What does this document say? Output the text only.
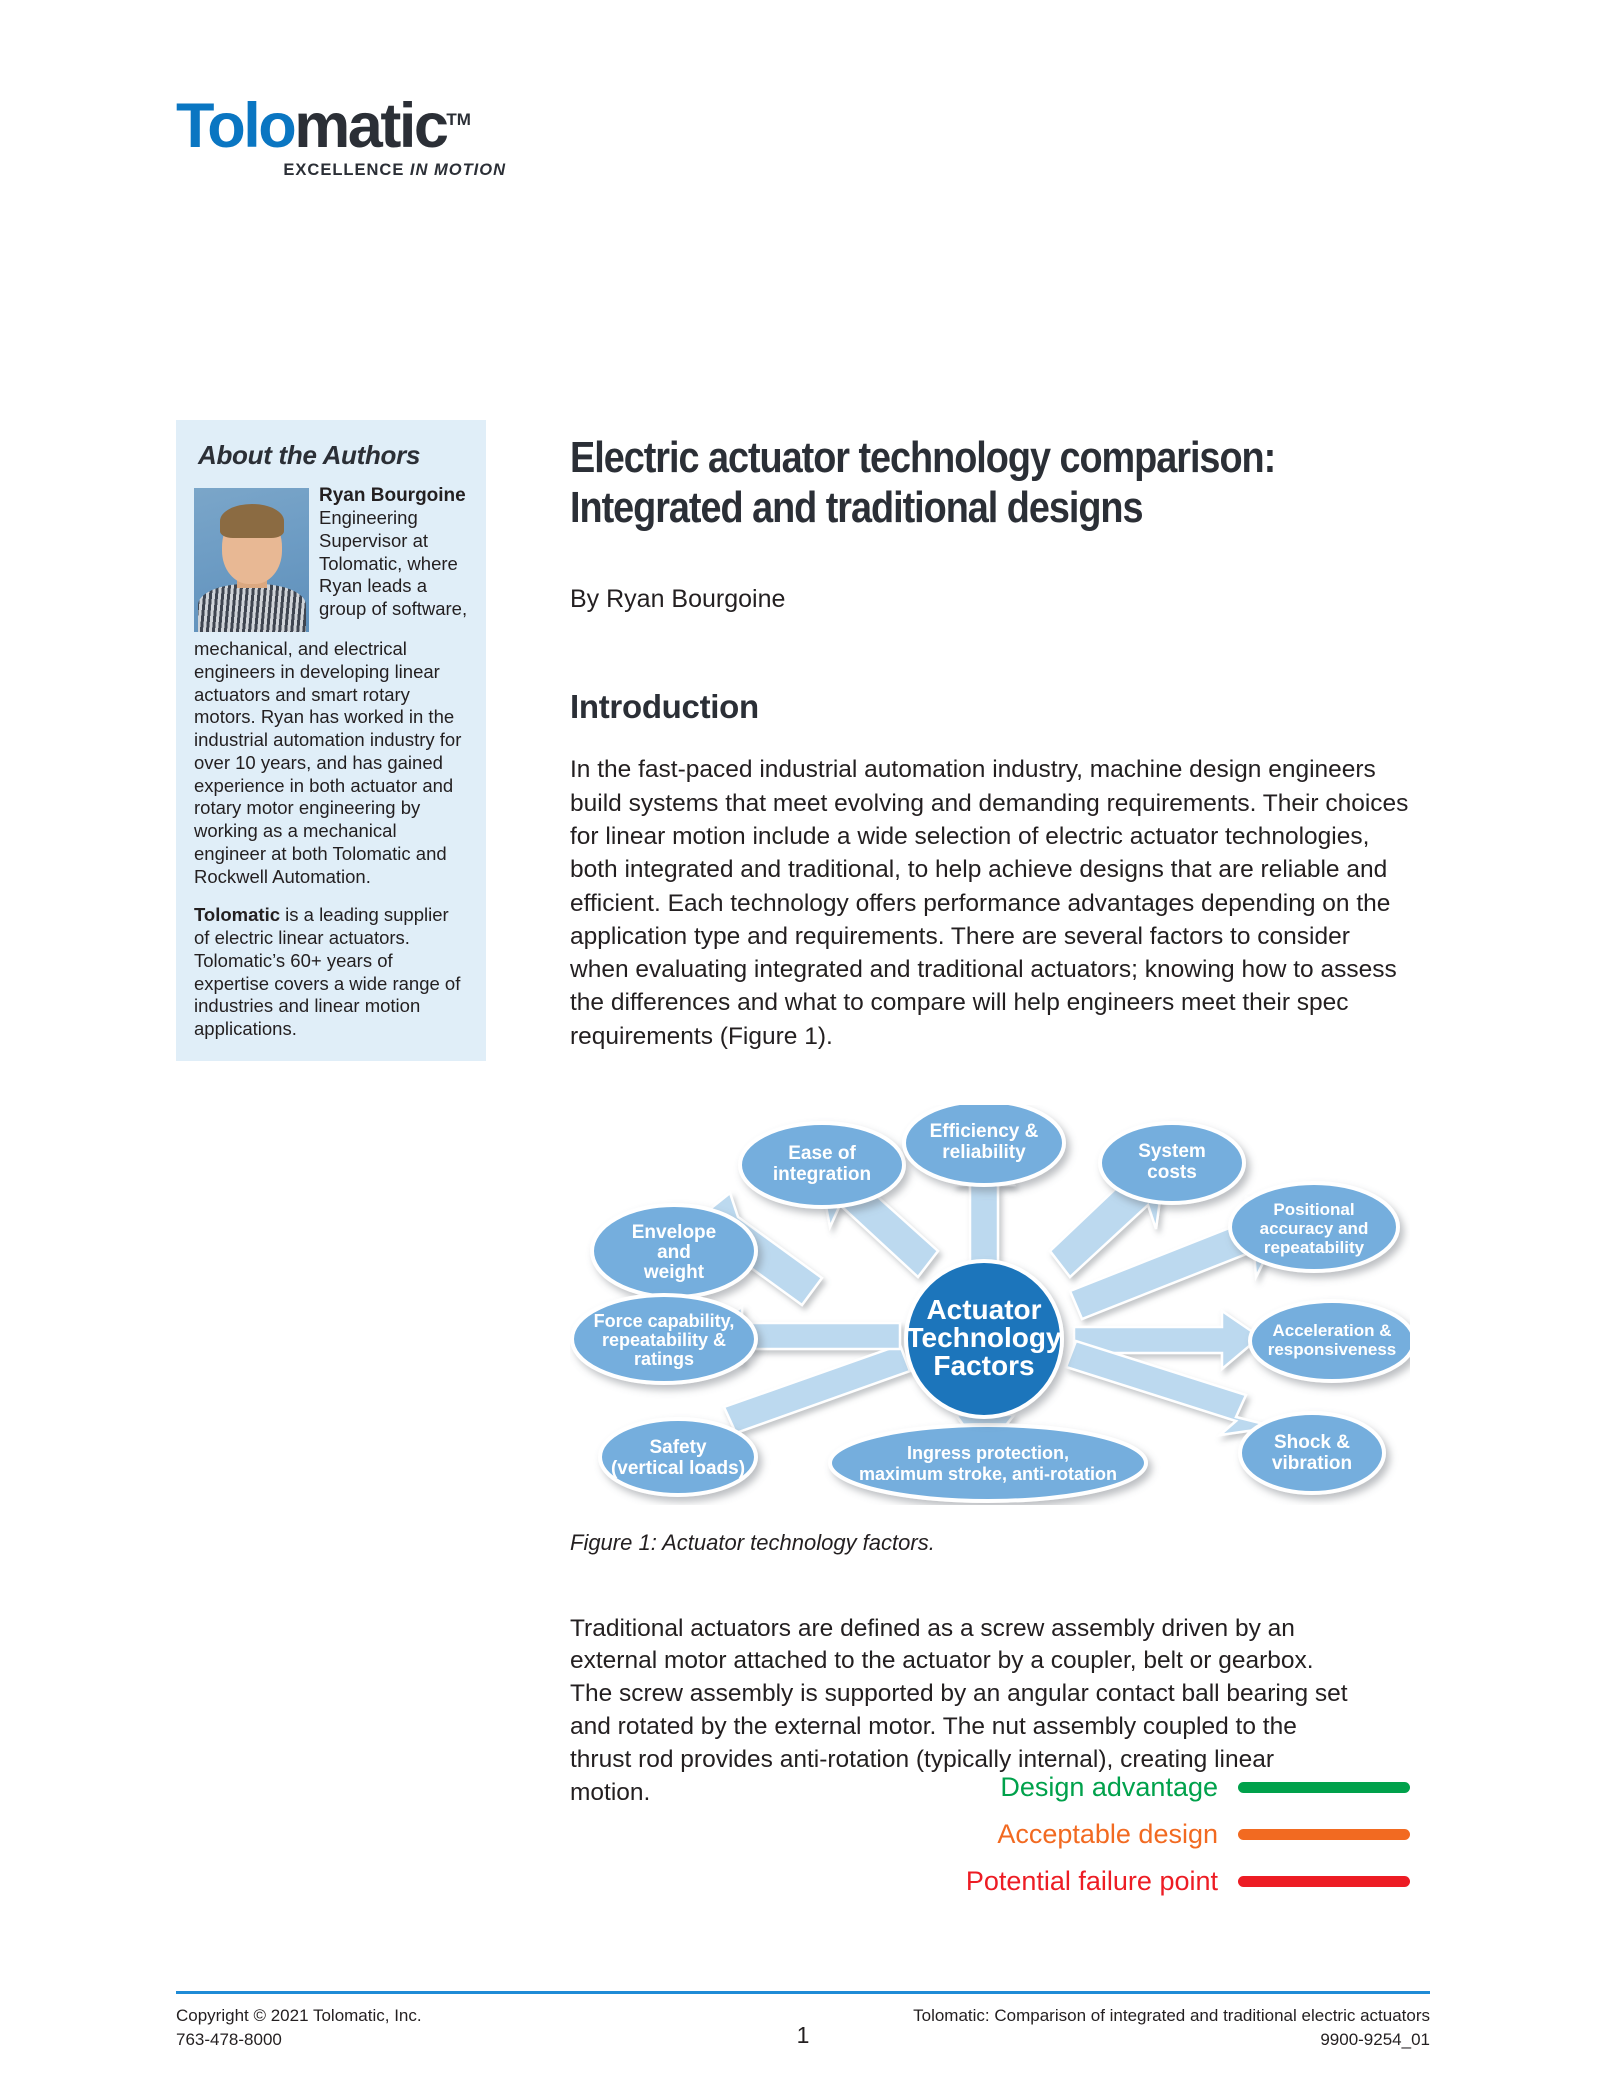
Tolomatic™
EXCELLENCE IN MOTION
About the Authors
Ryan Bourgoine
Engineering Supervisor at Tolomatic, where Ryan leads a group of software,
mechanical, and electrical engineers in developing linear actuators and smart rotary motors. Ryan has worked in the industrial automation industry for over 10 years, and has gained experience in both actuator and rotary motor engineering by working as a mechanical engineer at both Tolomatic and Rockwell Automation.
Tolomatic is a leading supplier of electric linear actuators. Tolomatic’s 60+ years of expertise covers a wide range of industries and linear motion applications.
Electric actuator technology comparison:
Integrated and traditional designs
By Ryan Bourgoine
Introduction

In the fast-paced industrial automation industry, machine design engineers build systems that meet evolving and demanding requirements. Their choices for linear motion include a wide selection of electric actuator technologies, both integrated and traditional, to help achieve designs that are reliable and efficient. Each technology offers performance advantages depending on the application type and requirements. There are several factors to consider when evaluating integrated and traditional actuators; knowing how to assess the differences and what to compare will help engineers meet their spec requirements (Figure 1).

Envelope
and
weight
Ease of
integration
Efficiency &
reliability	System
costs
Positional
accuracy and
repeatability
Acceleration &
responsiveness
Shock &
vibration
Ingress protection,
maximum stroke, anti-rotation
Safety
(vertical loads)
Force capability,
repeatability &
ratings
Actuator
Technology
Factors
Figure 1: Actuator technology factors.

Traditional actuators are defined as a screw assembly driven by an external motor attached to the actuator by a coupler, belt or gearbox. The screw assembly is supported by an angular contact ball bearing set and rotated by the external motor. The nut assembly coupled to the thrust rod provides anti-rotation (typically internal), creating linear motion.	Design advantage
Acceptable design
Potential failure point
Copyright © 2021 Tolomatic, Inc.
763-478-8000
Tolomatic: Comparison of integrated and traditional electric actuators
9900-9254_01
1
